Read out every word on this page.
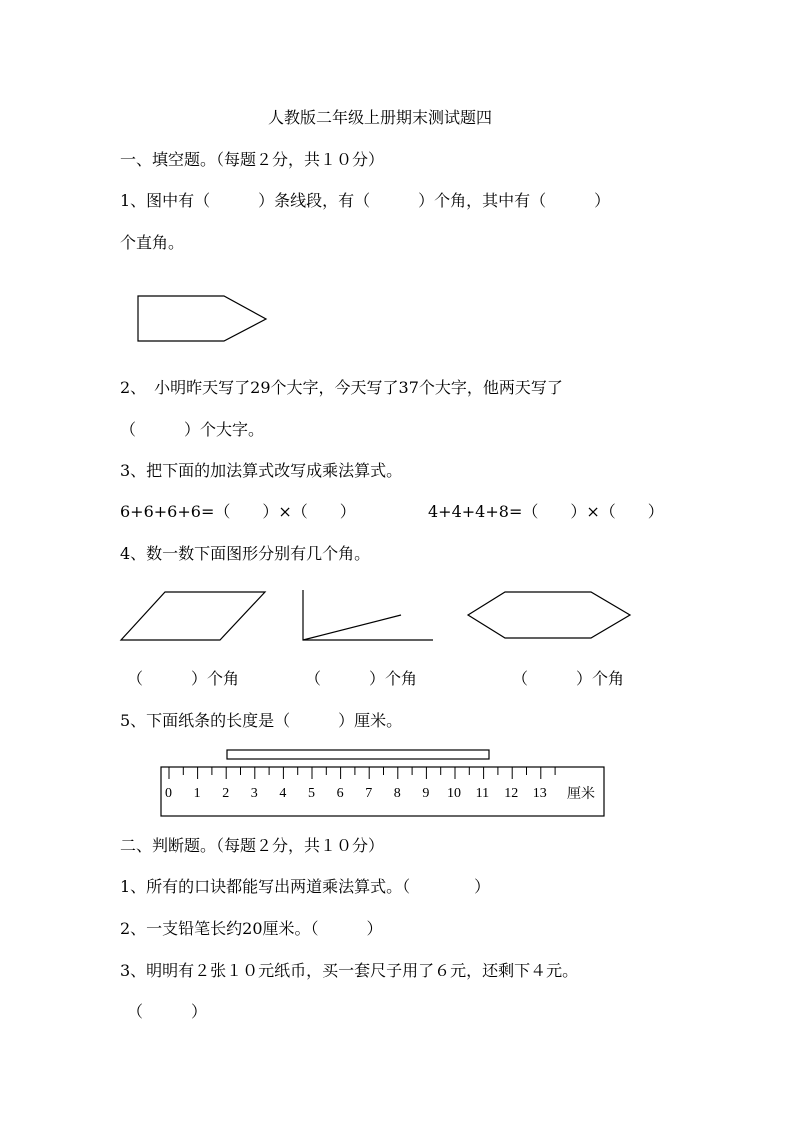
人教版二年级上册期末测试题四
一、填空题。（每题２分，共１０分）
1、图中有（　　　）条线段，有（　　　）个角，其中有（　　　）
个直角。
0 1 2 3 4 5 6 7 8 9 10 11 12 13 厘米
2、　小明昨天写了29个大字，今天写了37个大字，他两天写了
（　　　）个大字。
3、把下面的加法算式改写成乘法算式。
6+6+6+6=（　　）×（　　）	4+4+4+8=（　　）×（　　）
4、数一数下面图形分别有几个角。
（　　　）个角	（　　　）个角	（　　　）个角
5、下面纸条的长度是（　　　）厘米。
二、判断题。（每题２分，共１０分）
1、所有的口诀都能写出两道乘法算式。（　　　　）
2、一支铅笔长约20厘米。（　　　）
3、明明有２张１０元纸币，买一套尺子用了６元，还剩下４元。
（　　　）
